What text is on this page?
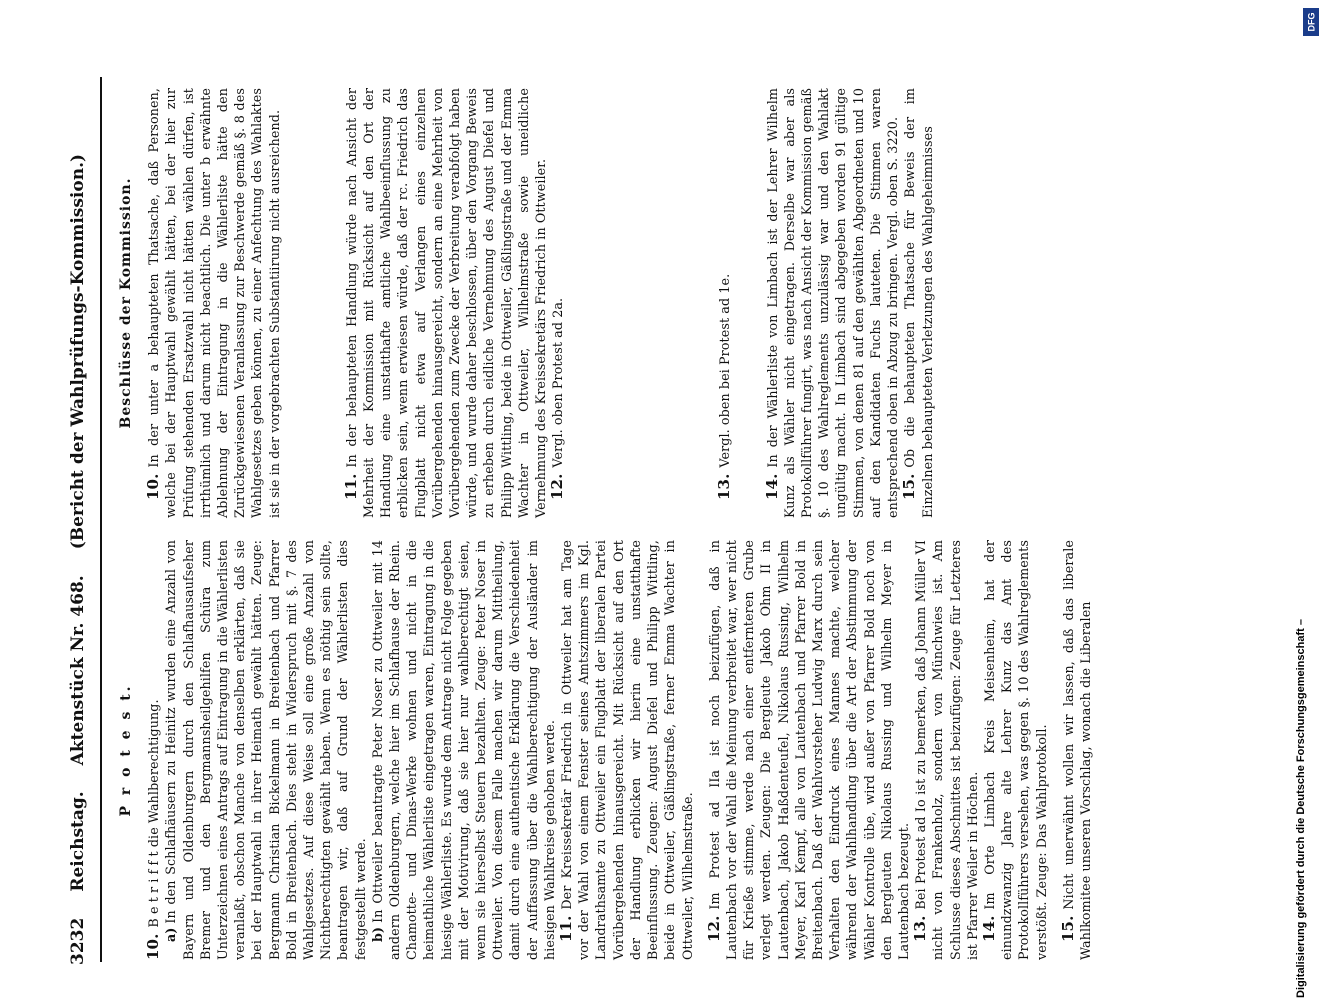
3232
Reichstag.
Aktenstück Nr. 468.
(Bericht der Wahlprüfungs-Kommission.)
P r o t e s t.
10.B e t r i f f t die Wahlberechtigung.
a)In den Schlafhäusern zu Heinitz wurden eine Anzahl von Bayern und Oldenburgern durch den Schlafhausaufseher Bremer und den Bergmannsheilgehilfen Schüra zum Unterzeichnen eines Antrags auf Eintragung in die Wählerlisten veranlaßt, obschon Manche von denselben erklärten, daß sie bei der Hauptwahl in ihrer Heimath gewählt hätten. Zeuge: Bergmann Christian Bickelmann in Breitenbach und Pfarrer Bold in Breitenbach. Dies steht in Widerspruch mit §. 7 des Wahlgesetzes. Auf diese Weise soll eine große Anzahl von Nichtberechtigten gewählt haben. Wenn es nöthig sein sollte, beantragen wir, daß auf Grund der Wählerlisten dies festgestellt werde. b)In Ottweiler beantragte Peter Noser zu Ottweiler mit 14 andern Oldenburgern, welche hier im Schlafhause der Rhein. Chamotte- und Dinas-Werke wohnen und nicht in die heimathliche Wählerliste eingetragen waren, Eintragung in die hiesige Wählerliste. Es wurde dem Antrage nicht Folge gegeben mit der Motivirung, daß sie hier nur wahlberechtigt seien, wenn sie hierselbst Steuern bezahlten. Zeuge: Peter Noser in Ottweiler. Von diesem Falle machen wir darum Mittheilung, damit durch eine authentische Erklärung die Verschiedenheit der Auffassung über die Wahlberechtigung der Ausländer im hiesigen Wahlkreise gehoben werde. 11.Der Kreissekretär Friedrich in Ottweiler hat am Tage vor der Wahl von einem Fenster seines Amtszimmers im Kgl. Landrathsamte zu Ottweiler ein Flugblatt der liberalen Partei Vorübergehenden hinausgereicht. Mit Rücksicht auf den Ort der Handlung erblicken wir hierin eine unstatthafte Beeinflussung. Zeugen: August Diefel und Philipp Wittling, beide in Ottweiler, Gäßlingstraße, ferner Emma Wachter in Ottweiler, Wilhelmstraße. 12.Im Protest ad IIa ist noch beizufügen, daß in Lautenbach vor der Wahl die Meinung verbreitet war, wer nicht für Krieße stimme, werde nach einer entfernteren Grube verlegt werden. Zeugen: Die Bergleute Jakob Ohm II in Lautenbach, Jakob Haßdenteufel, Nikolaus Russing, Wilhelm Meyer, Karl Kempf, alle von Lautenbach und Pfarrer Bold in Breitenbach. Daß der Wahlvorsteher Ludwig Marx durch sein Verhalten den Eindruck eines Mannes machte, welcher während der Wahlhandlung über die Art der Abstimmung der Wähler Kontrolle übe, wird außer von Pfarrer Bold noch von den Bergleuten Nikolaus Russing und Wilhelm Meyer in Lautenbach bezeugt. 13.Bei Protest ad Io ist zu bemerken, daß Johann Müller VI nicht von Frankenholz, sondern von Münchwies ist. Am Schlusse dieses Abschnittes ist beizufügen: Zeuge für Letzteres ist Pfarrer Weiler in Höchen. 14.Im Orte Limbach Kreis Meisenheim, hat der einundzwanzig Jahre alte Lehrer Kunz das Amt des Protokollführers versehen, was gegen §. 10 des Wahlreglements verstößt. Zeuge: Das Wahlprotokoll. 15.Nicht unerwähnt wollen wir lassen, daß das liberale Wahlkomitee unseren Vorschlag, wonach die Liberalen
Beschlüsse der Kommission.
10.In der unter a behaupteten Thatsache, daß Personen, welche bei der Hauptwahl gewählt hätten, bei der hier zur Prüfung stehenden Ersatzwahl nicht hätten wählen dürfen, ist irrthümlich und darum nicht beachtlich. Die unter b erwähnte Ablehnung der Eintragung in die Wählerliste hätte den Zurückgewiesenen Veranlassung zur Beschwerde gemäß §. 8 des Wahlgesetzes geben können, zu einer Anfechtung des Wahlaktes ist sie in der vorgebrachten Substantiirung nicht ausreichend.	11.In der behaupteten Handlung würde nach Ansicht der Mehrheit der Kommission mit Rücksicht auf den Ort der Handlung eine unstatthafte amtliche Wahlbeeinflussung zu erblicken sein, wenn erwiesen würde, daß der rc. Friedrich das Flugblatt nicht etwa auf Verlangen eines einzelnen Vorübergehenden hinausgereicht, sondern an eine Mehrheit von Vorübergehenden zum Zwecke der Verbreitung verabfolgt haben würde, und wurde daher beschlossen, über den Vorgang Beweis zu erheben durch eidliche Vernehmung des August Diefel und Philipp Wittling, beide in Ottweiler, Gäßlingstraße und der Emma Wachter in Ottweiler, Wilhelmstraße sowie uneidliche Vernehmung des Kreissekretärs Friedrich in Ottweiler. 12.Vergl. oben Protest ad 2a.
13.Vergl. oben bei Protest ad 1e.
14.In der Wählerliste von Limbach ist der Lehrer Wilhelm Kunz als Wähler nicht eingetragen. Derselbe war aber als Protokollführer fungirt, was nach Ansicht der Kommission gemäß §. 10 des Wahlreglements unzulässig war und den Wahlakt ungültig macht. In Limbach sind abgegeben worden 91 gültige Stimmen, von denen 81 auf den gewählten Abgeordneten und 10 auf den Kandidaten Fuchs lauteten. Die Stimmen waren entsprechend oben in Abzug zu bringen. Vergl. oben S. 3220. 15.Ob die behaupteten Thatsache für Beweis der im Einzelnen behaupteten Verletzungen des Wahlgeheimnisses
DFG
Digitalisierung gefördert durch die Deutsche Forschungsgemeinschaft –
